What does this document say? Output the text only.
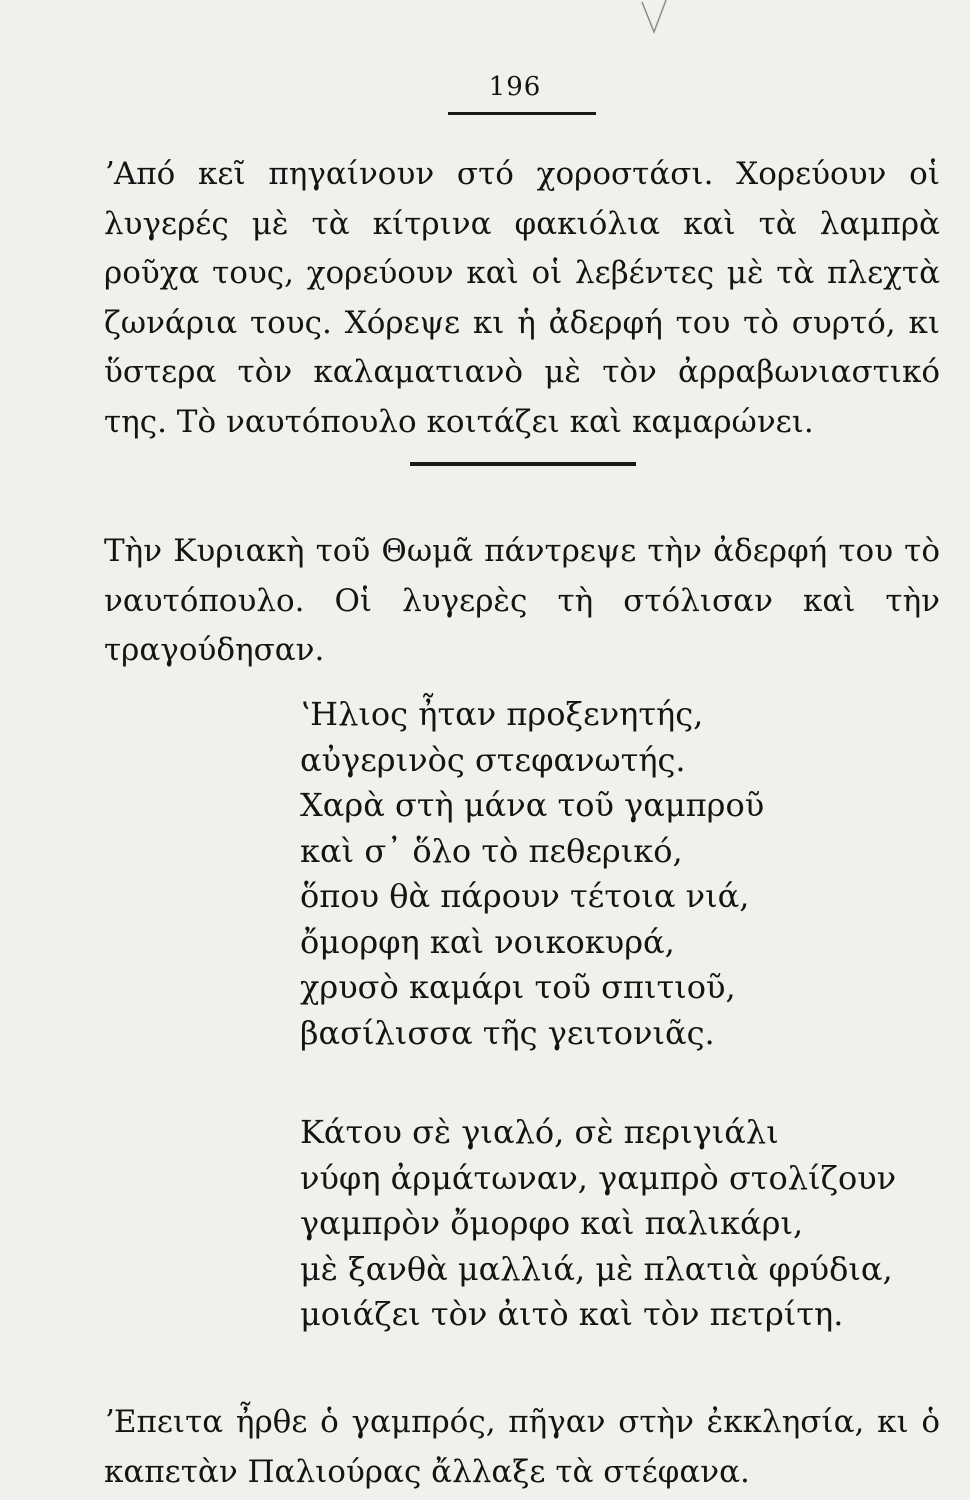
196

ʼΑπό κεῖ πηγαίνουν στό χοροστάσι. Χορεύουν οἱ λυγερές μὲ τὰ κίτρινα φακιόλια καὶ τὰ λαμπρὰ ροῦχα τους, χορεύουν καὶ οἱ λεβέντες μὲ τὰ πλεχτὰ ζωνάρια τους. Χόρεψε κι ἡ ἀδερφή του τὸ συρτό, κι ὕστερα τὸν καλαματιανὸ μὲ τὸν ἀρραβωνιαστικό της. Τὸ ναυτόπουλο κοιτάζει καὶ καμαρώνει.

Τὴν Κυριακὴ τοῦ Θωμᾶ πάντρεψε τὴν ἀδερφή του τὸ ναυτόπουλο. Οἱ λυγερὲς τὴ στόλισαν καὶ τὴν τραγούδησαν.

ʽΗλιος ἦταν προξενητής,
αὐγερινὸς στεφανωτής.
Χαρὰ στὴ μάνα τοῦ γαμπροῦ
καὶ σ᾽ ὅλο τὸ πεθερικό,
ὅπου θὰ πάρουν τέτοια νιά,
ὄμορφη καὶ νοικοκυρά,
χρυσὸ καμάρι τοῦ σπιτιοῦ,
βασίλισσα τῆς γειτονιᾶς.
Κάτου σὲ γιαλό, σὲ περιγιάλι
νύφη ἀρμάτωναν, γαμπρὸ στολίζουν
γαμπρὸν ὄμορφο καὶ παλικάρι,
μὲ ξανθὰ μαλλιά, μὲ πλατιὰ φρύδια,
μοιάζει τὸν ἀιτὸ καὶ τὸν πετρίτη.

ʼΕπειτα ἦρθε ὁ γαμπρός, πῆγαν στὴν ἐκκλησία, κι ὁ καπετὰν Παλιούρας ἄλλαξε τὰ στέφανα.
